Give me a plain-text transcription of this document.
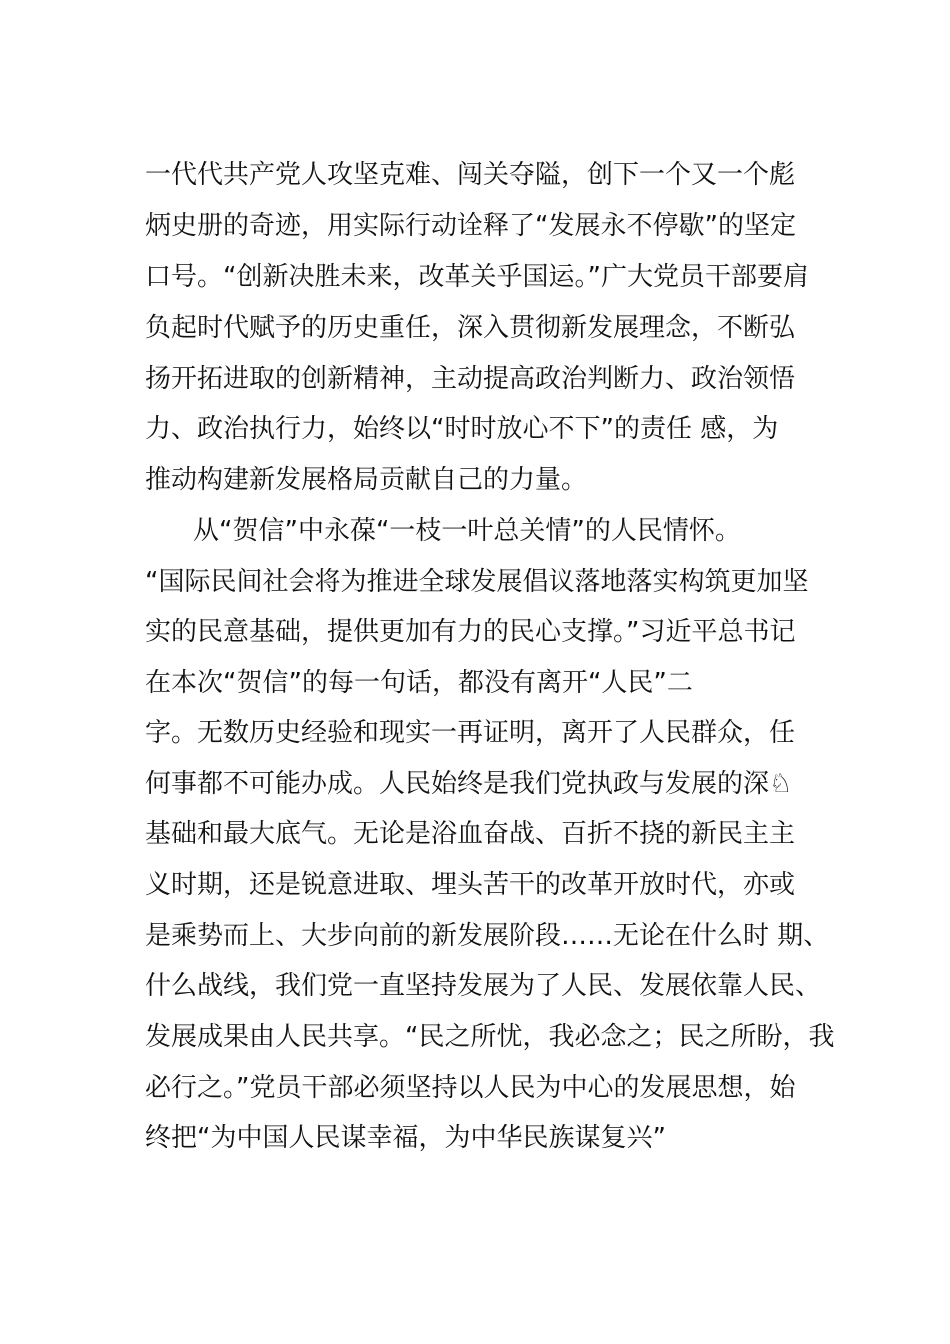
一代代共产党人攻坚克难、闯关夺隘，创下一个又一个彪
炳史册的奇迹，用实际行动诠释了“发展永不停歇”的坚定
口号。“创新决胜未来，改革关乎国运。”广大党员干部要肩
负起时代赋予的历史重任，深入贯彻新发展理念，不断弘
扬开拓进取的创新精神，主动提高政治判断力、政治领悟
力、政治执行力，始终以“时时放心不下”的责任 感，为
推动构建新发展格局贡献自己的力量。
从“贺信”中永葆“一枝一叶总关情”的人民情怀。
“国际民间社会将为推进全球发展倡议落地落实构筑更加坚
实的民意基础，提供更加有力的民心支撑。”习近平总书记
在本次“贺信”的每一句话，都没有离开“人民”二
字。无数历史经验和现实一再证明，离开了人民群众，任
何事都不可能办成。人民始终是我们党执政与发展的深♘
基础和最大底气。无论是浴血奋战、百折不挠的新民主主
义时期，还是锐意进取、埋头苦干的改革开放时代，亦或
是乘势而上、大步向前的新发展阶段……无论在什么时 期、
什么战线，我们党一直坚持发展为了人民、发展依靠人民、
发展成果由人民共享。“民之所忧，我必念之；民之所盼，我
必行之。”党员干部必须坚持以人民为中心的发展思想，始
终把“为中国人民谋幸福，为中华民族谋复兴”
